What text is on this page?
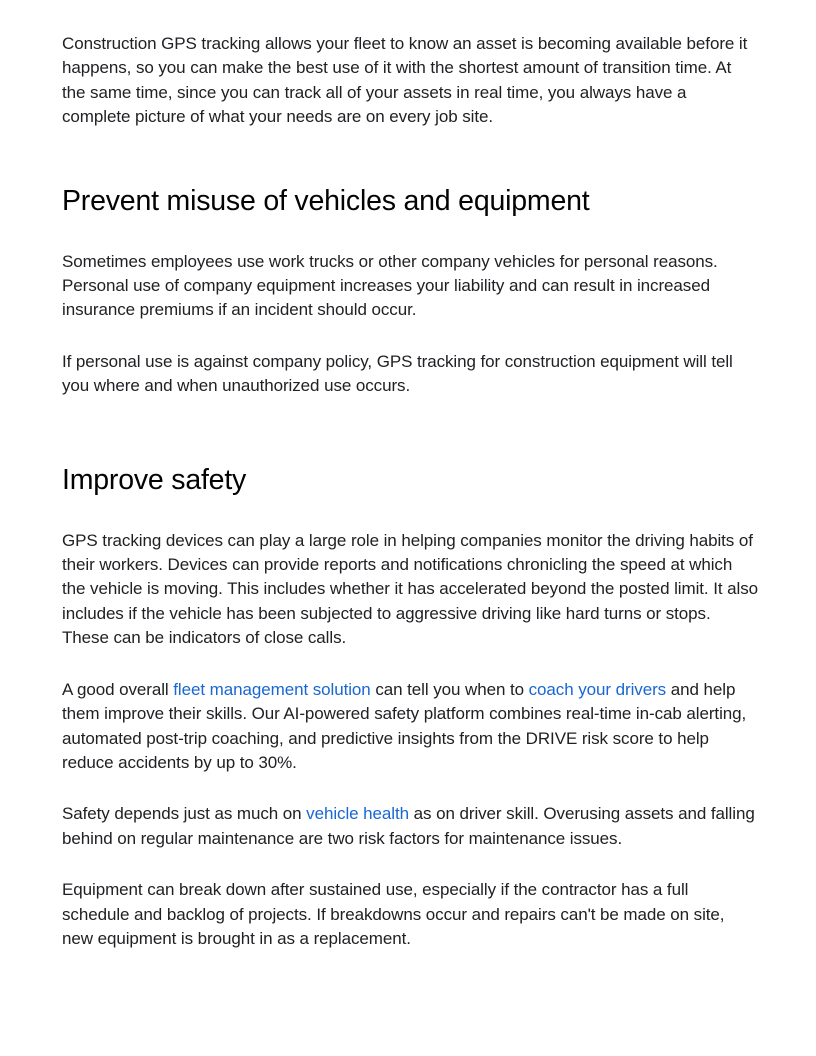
Construction GPS tracking allows your fleet to know an asset is becoming available before it happens, so you can make the best use of it with the shortest amount of transition time. At the same time, since you can track all of your assets in real time, you always have a complete picture of what your needs are on every job site.

Prevent misuse of vehicles and equipment

Sometimes employees use work trucks or other company vehicles for personal reasons. Personal use of company equipment increases your liability and can result in increased insurance premiums if an incident should occur.

If personal use is against company policy, GPS tracking for construction equipment will tell you where and when unauthorized use occurs.

Improve safety

GPS tracking devices can play a large role in helping companies monitor the driving habits of their workers. Devices can provide reports and notifications chronicling the speed at which the vehicle is moving. This includes whether it has accelerated beyond the posted limit. It also includes if the vehicle has been subjected to aggressive driving like hard turns or stops. These can be indicators of close calls.

A good overall fleet management solution can tell you when to coach your drivers and help them improve their skills. Our AI-powered safety platform combines real-time in-cab alerting, automated post-trip coaching, and predictive insights from the DRIVE risk score to help reduce accidents by up to 30%.

Safety depends just as much on vehicle health as on driver skill. Overusing assets and falling behind on regular maintenance are two risk factors for maintenance issues.

Equipment can break down after sustained use, especially if the contractor has a full schedule and backlog of projects. If breakdowns occur and repairs can't be made on site, new equipment is brought in as a replacement.
